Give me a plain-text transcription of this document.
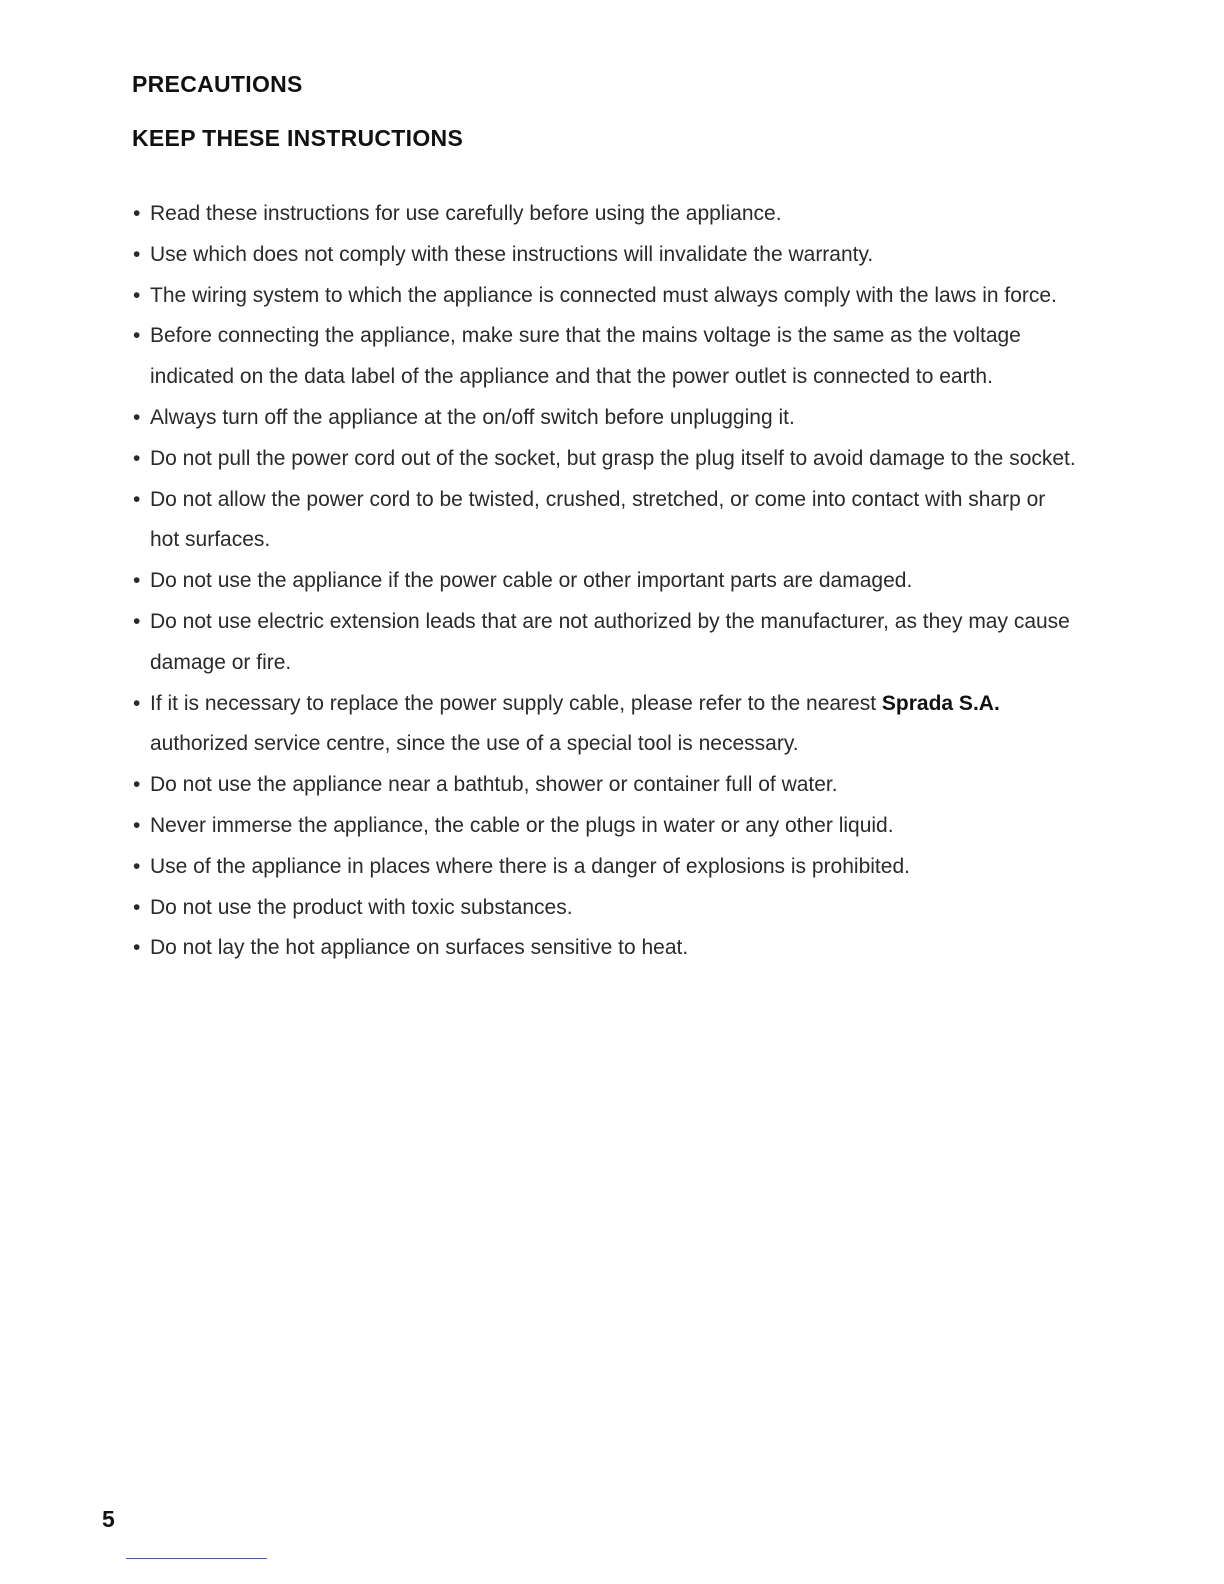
PRECAUTIONS
KEEP THESE INSTRUCTIONS
• Read these instructions for use carefully before using the appliance.
• Use which does not comply with these instructions will invalidate the warranty.
• The wiring system to which the appliance is connected must always comply with the laws in force.
• Before connecting the appliance, make sure that the mains voltage is the same as the voltage
indicated on the data label of the appliance and that the power outlet is connected to earth.
• Always turn off the appliance at the on/off switch before unplugging it.
• Do not pull the power cord out of the socket, but grasp the plug itself to avoid damage to the socket.
• Do not allow the power cord to be twisted, crushed, stretched, or come into contact with sharp or
hot surfaces.
• Do not use the appliance if the power cable or other important parts are damaged.
• Do not use electric extension leads that are not authorized by the manufacturer, as they may cause
damage or fire.
• If it is necessary to replace the power supply cable, please refer to the nearest Sprada S.A.
authorized service centre, since the use of a special tool is necessary.
• Do not use the appliance near a bathtub, shower or container full of water.
• Never immerse the appliance, the cable or the plugs in water or any other liquid.
• Use of the appliance in places where there is a danger of explosions is prohibited.
• Do not use the product with toxic substances.
• Do not lay the hot appliance on surfaces sensitive to heat.
5
